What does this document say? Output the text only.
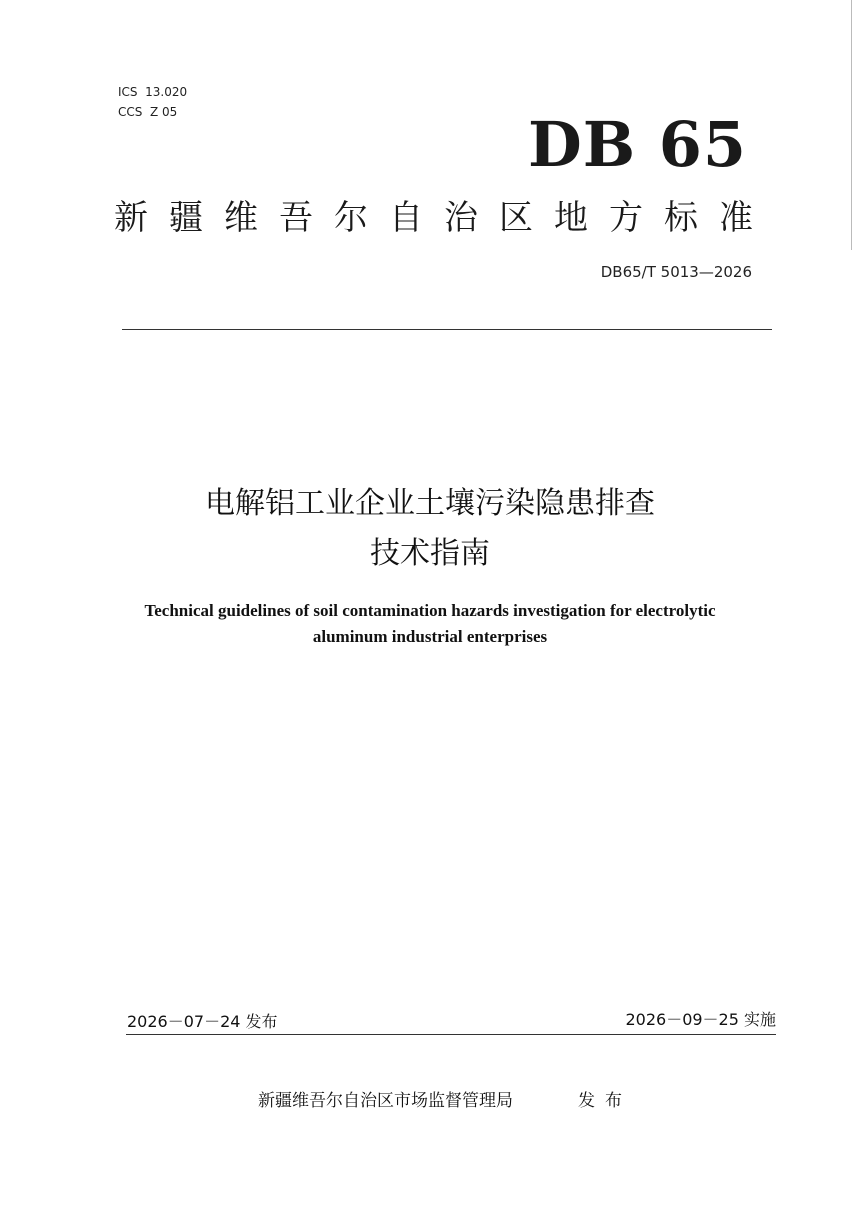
ICS  13.020
CCS  Z 05	DB 65
新疆维吾尔自治区地方标准
DB65/T 5013—2026
电解铝工业企业土壤污染隐患排查
技术指南
Technical guidelines of soil contamination hazards investigation for electrolytic
aluminum industrial enterprises
2026－07－24 发布	2026－09－25 实施
新疆维吾尔自治区市场监督管理局	发布
